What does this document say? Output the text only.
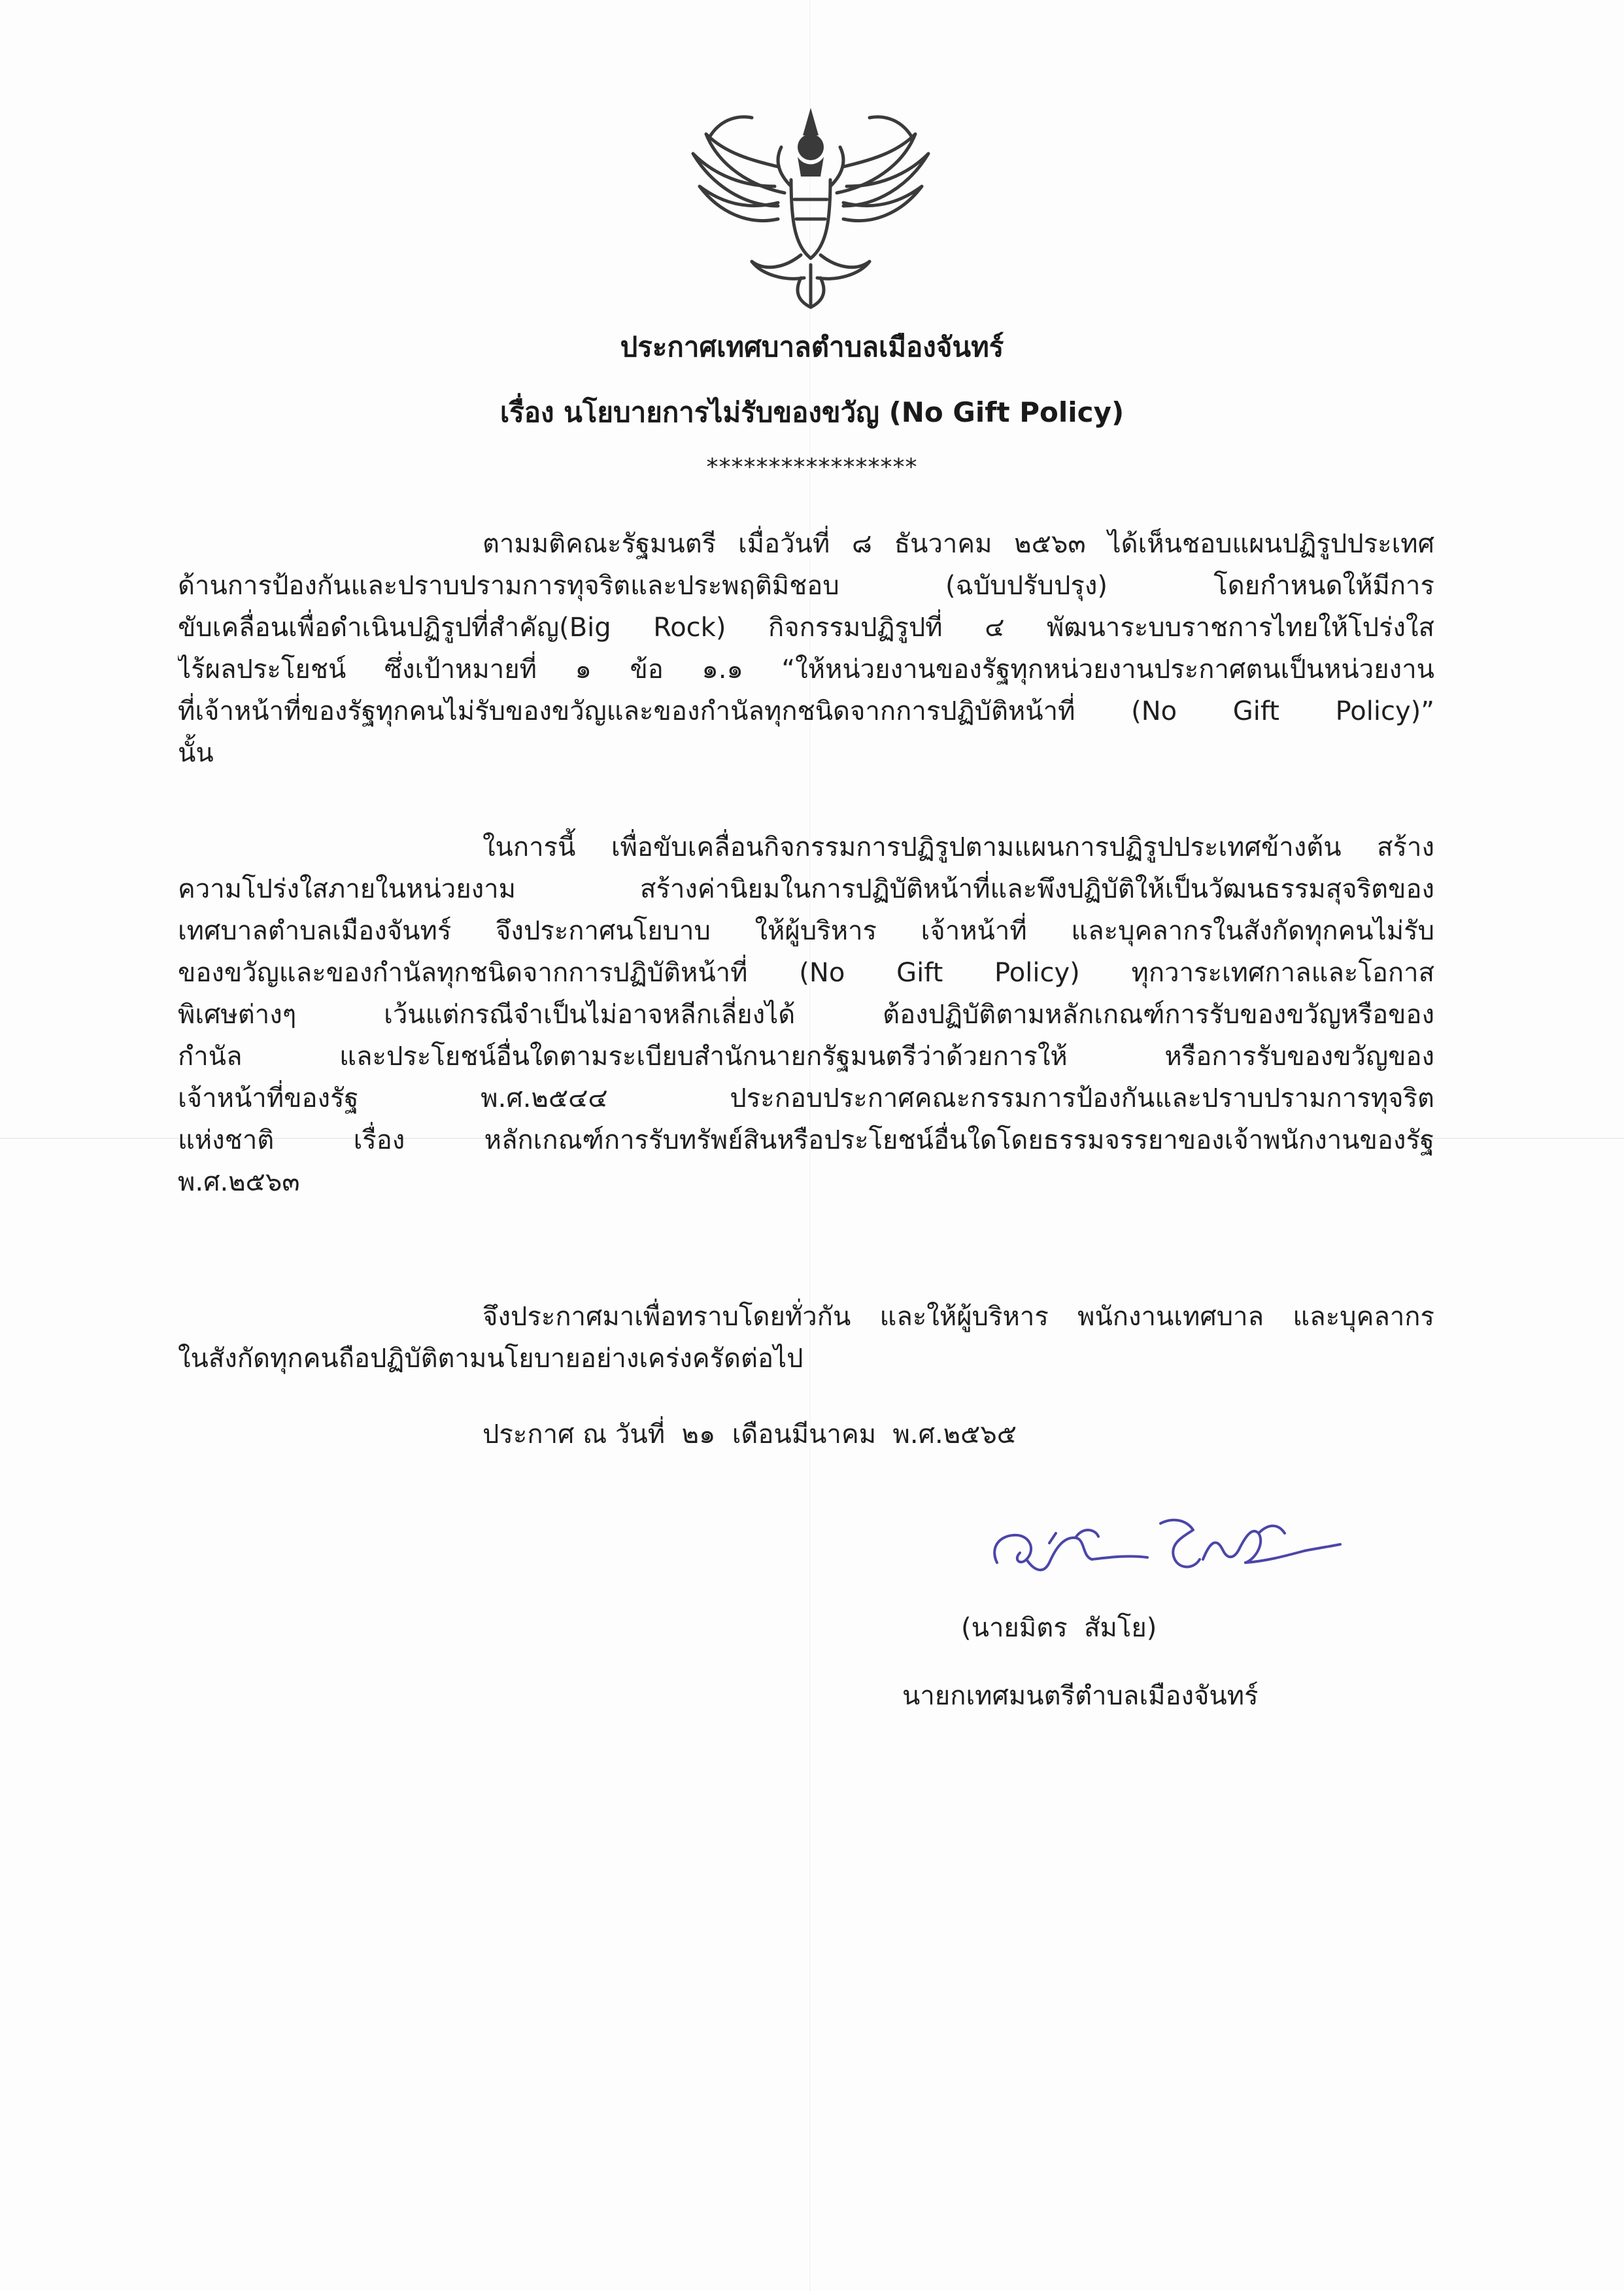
ประกาศเทศบาลตำบลเมืองจันทร์
เรื่อง นโยบายการไม่รับของขวัญ (No Gift Policy)
*****************
ตามมติคณะรัฐมนตรี เมื่อวันที่ ๘ ธันวาคม ๒๕๖๓ ได้เห็นชอบแผนปฏิรูปประเทศ
ด้านการป้องกันและปราบปรามการทุจริตและประพฤติมิชอบ (ฉบับปรับปรุง) โดยกำหนดให้มีการ
ขับเคลื่อนเพื่อดำเนินปฏิรูปที่สำคัญ(Big Rock) กิจกรรมปฏิรูปที่ ๔ พัฒนาระบบราชการไทยให้โปร่งใส
ไร้ผลประโยชน์ ซึ่งเป้าหมายที่ ๑ ข้อ ๑.๑ “ให้หน่วยงานของรัฐทุกหน่วยงานประกาศตนเป็นหน่วยงาน
ที่เจ้าหน้าที่ของรัฐทุกคนไม่รับของขวัญและของกำนัลทุกชนิดจากการปฏิบัติหน้าที่ (No Gift Policy)”
นั้น
ในการนี้ เพื่อขับเคลื่อนกิจกรรมการปฏิรูปตามแผนการปฏิรูปประเทศข้างต้น สร้าง
ความโปร่งใสภายในหน่วยงาม สร้างค่านิยมในการปฏิบัติหน้าที่และพึงปฏิบัติให้เป็นวัฒนธรรมสุจริตของ
เทศบาลตำบลเมืองจันทร์ จึงประกาศนโยบาบ ให้ผู้บริหาร เจ้าหน้าที่ และบุคลากรในสังกัดทุกคนไม่รับ
ของขวัญและของกำนัลทุกชนิดจากการปฏิบัติหน้าที่ (No Gift Policy) ทุกวาระเทศกาลและโอกาส
พิเศษต่างๆ เว้นแต่กรณีจำเป็นไม่อาจหลีกเลี่ยงได้ ต้องปฏิบัติตามหลักเกณฑ์การรับของขวัญหรือของ
กำนัล และประโยชน์อื่นใดตามระเบียบสำนักนายกรัฐมนตรีว่าด้วยการให้ หรือการรับของขวัญของ
เจ้าหน้าที่ของรัฐ พ.ศ.๒๕๔๔ ประกอบประกาศคณะกรรมการป้องกันและปราบปรามการทุจริต
แห่งชาติ เรื่อง หลักเกณฑ์การรับทรัพย์สินหรือประโยชน์อื่นใดโดยธรรมจรรยาของเจ้าพนักงานของรัฐ
พ.ศ.๒๕๖๓
จึงประกาศมาเพื่อทราบโดยทั่วกัน และให้ผู้บริหาร พนักงานเทศบาล และบุคลากร
ในสังกัดทุกคนถือปฏิบัติตามนโยบายอย่างเคร่งครัดต่อไป
ประกาศ ณ วันที่  ๒๑  เดือนมีนาคม  พ.ศ.๒๕๖๕
(นายมิตร  สัมโย)
นายกเทศมนตรีตำบลเมืองจันทร์
